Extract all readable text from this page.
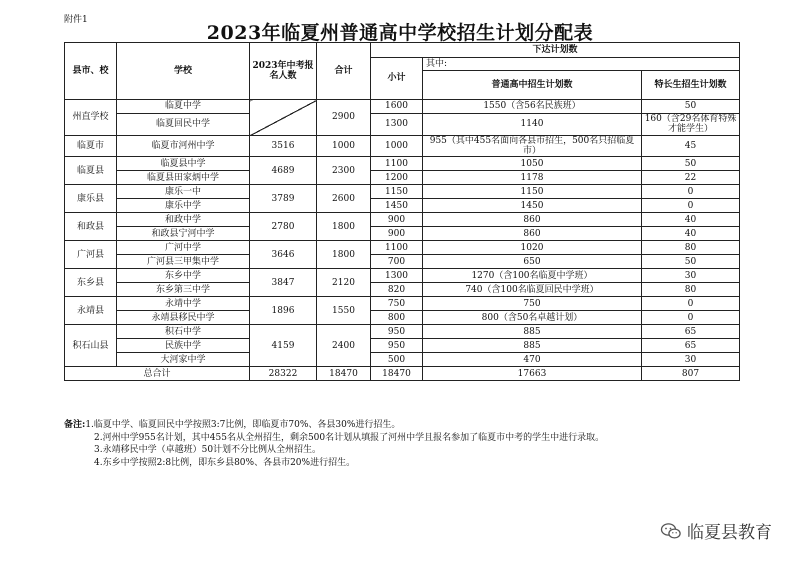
附件1
2023年临夏州普通高中学校招生计划分配表
县市、校	学校	2023年中考报名人数	合计	下达计划数		
				小计	其中:	
					普通高中招生计划数	特长生招生计划数
州直学校	临夏中学		2900	1600	1550（含56名民族班）	50
	临夏回民中学			1300	1140	160（含29名体育特殊才能学生）
临夏市	临夏市河州中学	3516	1000	1000	955（其中455名面向各县市招生，500名只招临夏市）	45
临夏县	临夏县中学	4689	2300	1100	1050	50
	临夏县田家炳中学			1200	1178	22
康乐县	康乐一中	3789	2600	1150	1150	0
	康乐中学			1450	1450	0
和政县	和政中学	2780	1800	900	860	40
	和政县宁河中学			900	860	40
广河县	广河中学	3646	1800	1100	1020	80
	广河县三甲集中学			700	650	50
东乡县	东乡中学	3847	2120	1300	1270（含100名临夏中学班）	30
	东乡第三中学			820	740（含100名临夏回民中学班）	80
永靖县	永靖中学	1896	1550	750	750	0
	永靖县移民中学			800	800（含50名卓越计划）	0
积石山县	积石中学	4159	2400	950	885	65
	民族中学			950	885	65
	大河家中学			500	470	30
总合计		28322	18470	18470	17663	807
备注:1.临夏中学、临夏回民中学按照3:7比例，即临夏市70%、各县30%进行招生。
2.河州中学955名计划，其中455名从全州招生，剩余500名计划从填报了河州中学且报名参加了临夏市中考的学生中进行录取。
3.永靖移民中学（卓越班）50计划不分比例从全州招生。
4.东乡中学按照2:8比例，即东乡县80%、各县市20%进行招生。
临夏县教育
